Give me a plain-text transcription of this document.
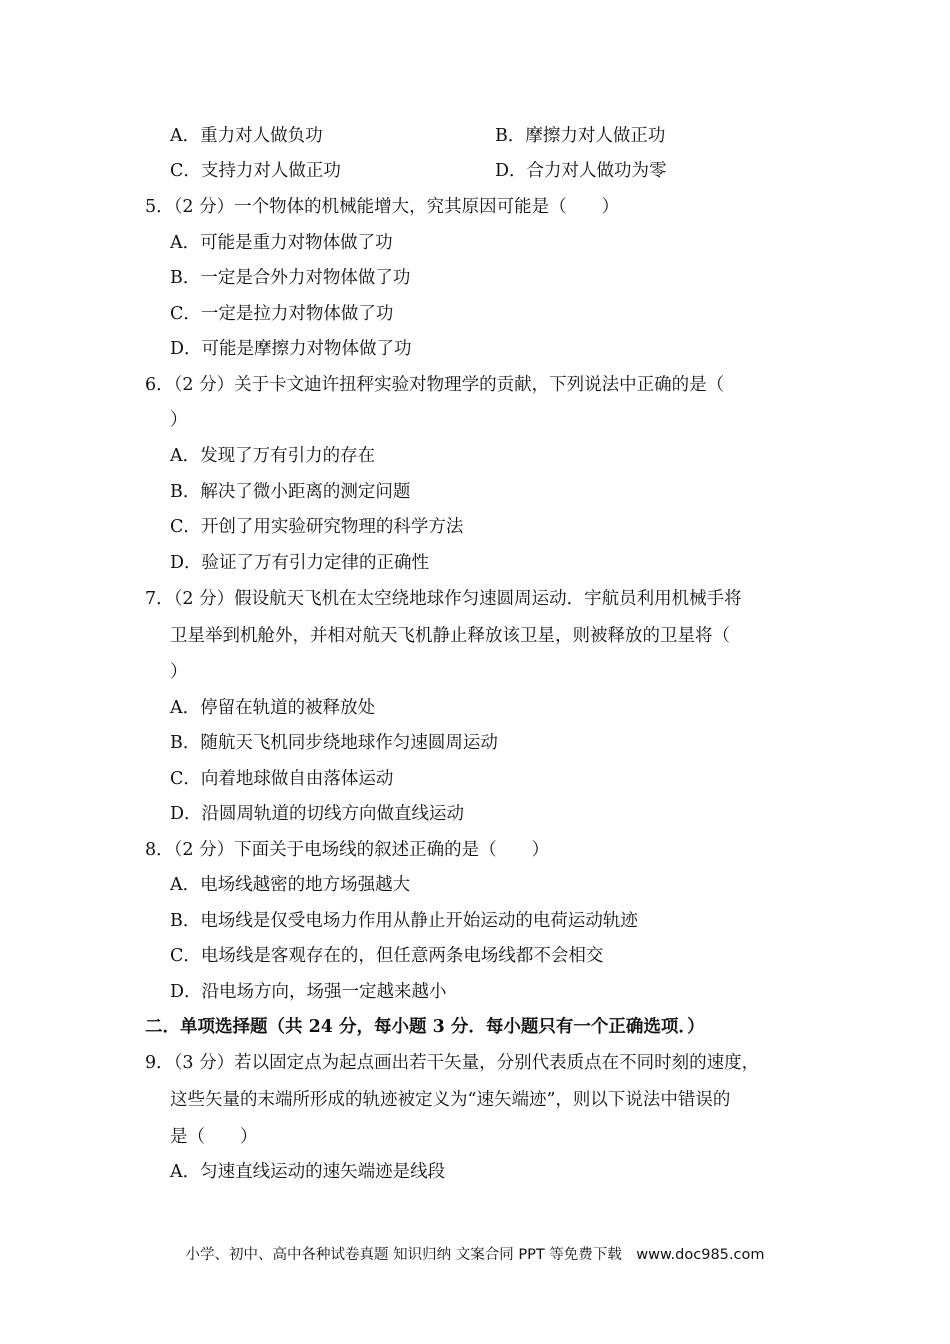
A．重力对人做负功	B．摩擦力对人做正功
C．支持力对人做正功	D．合力对人做功为零
5．（2 分）一个物体的机械能增大，究其原因可能是（　　）
A．可能是重力对物体做了功
B．一定是合外力对物体做了功
C．一定是拉力对物体做了功
D．可能是摩擦力对物体做了功
6．（2 分）关于卡文迪许扭秤实验对物理学的贡献，下列说法中正确的是（
）
A．发现了万有引力的存在
B．解决了微小距离的测定问题
C．开创了用实验研究物理的科学方法
D．验证了万有引力定律的正确性
7．（2 分）假设航天飞机在太空绕地球作匀速圆周运动．宇航员利用机械手将
卫星举到机舱外，并相对航天飞机静止释放该卫星，则被释放的卫星将（
）
A．停留在轨道的被释放处
B．随航天飞机同步绕地球作匀速圆周运动
C．向着地球做自由落体运动
D．沿圆周轨道的切线方向做直线运动
8．（2 分）下面关于电场线的叙述正确的是（　　）
A．电场线越密的地方场强越大
B．电场线是仅受电场力作用从静止开始运动的电荷运动轨迹
C．电场线是客观存在的，但任意两条电场线都不会相交
D．沿电场方向，场强一定越来越小
二．单项选择题（共 24 分，每小题 3 分．每小题只有一个正确选项．）
9．（3 分）若以固定点为起点画出若干矢量，分别代表质点在不同时刻的速度，
这些矢量的末端所形成的轨迹被定义为“速矢端迹”，则以下说法中错误的
是（　　）
A．匀速直线运动的速矢端迹是线段
小学、初中、高中各种试卷真题 知识归纳 文案合同 PPT 等免费下载　www.doc985.com
